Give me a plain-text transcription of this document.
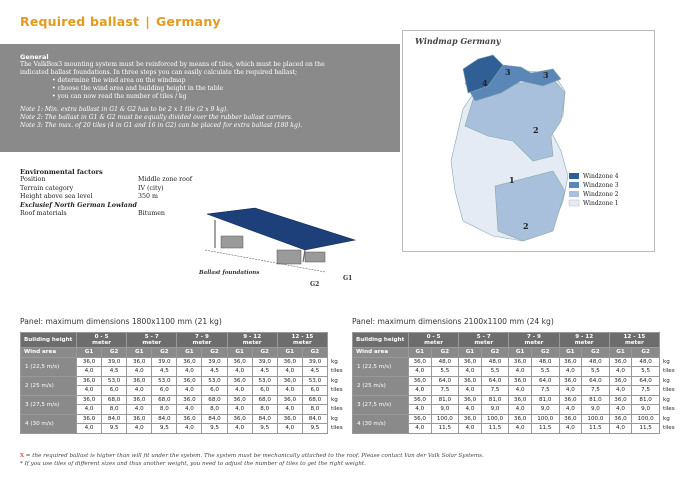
Required ballast | Germany
General
The ValkBox3 mounting system must be reinforced by means of tiles, which must be placed on the
indicated ballast foundations. In three steps you can easily calculate the required ballast;
• determine the wind area on the windmap
• choose the wind area and building height in the table
• you can now read the number of tiles / kg
Note 1: Min. extra ballast in G1 & G2 has to be 2 x 1 tile (2 x 9 kg).
Note 2: The ballast in G1 & G2 must be equally divided over the rubber ballast carriers.
Note 3: The max. of 20 tiles (4 in G1 and 16 in G2) can be placed for extra ballast (180 kg).
Windmap Germany
4
3	3
2
1
2
Windzone 4
Windzone 3
Windzone 2
Windzone 1
Environmental factors
Position	Middle zone roof
Terrain category	IV (city)
Height above sea level	350 m
Exclusief North German Lowland
Roof materials	Bitumen
Ballast foundations
G2
G1
Panel: maximum dimensions 1800x1100 mm (21 kg)	Panel: maximum dimensions 2100x1100 mm (24 kg)
Building height	0 - 5
meter		5 - 7
meter		7 - 9
meter		9 - 12
meter		12 - 15
meter		
Wind area	G1	G2	G1	G2	G1	G2	G1	G2	G1	G2	
1 (22,5 m/s)	36,0	39,0	36,0	39,0	36,0	39,0	36,0	39,0	36,0	39,0	kg
	4,0	4,5	4,0	4,5	4,0	4,5	4,0	4,5	4,0	4,5	tiles
2 (25 m/s)	36,0	53,0	36,0	53,0	36,0	53,0	36,0	53,0	36,0	53,0	kg
	4,0	6,0	4,0	6,0	4,0	6,0	4,0	6,0	4,0	6,0	tiles
3 (27,5 m/s)	36,0	68,0	36,0	68,0	36,0	68,0	36,0	68,0	36,0	68,0	kg
	4,0	8,0	4,0	8,0	4,0	8,0	4,0	8,0	4,0	8,0	tiles
4 (30 m/s)	36,0	84,0	36,0	84,0	36,0	84,0	36,0	84,0	36,0	84,0	kg
	4,0	9,5	4,0	9,5	4,0	9,5	4,0	9,5	4,0	9,5	tiles
Building height	0 - 5
meter		5 - 7
meter		7 - 9
meter		9 - 12
meter		12 - 15
meter		
Wind area	G1	G2	G1	G2	G1	G2	G1	G2	G1	G2	
1 (22,5 m/s)	36,0	48,0	36,0	48,0	36,0	48,0	36,0	48,0	36,0	48,0	kg
	4,0	5,5	4,0	5,5	4,0	5,5	4,0	5,5	4,0	5,5	tiles
2 (25 m/s)	36,0	64,0	36,0	64,0	36,0	64,0	36,0	64,0	36,0	64,0	kg
	4,0	7,5	4,0	7,5	4,0	7,5	4,0	7,5	4,0	7,5	tiles
3 (27,5 m/s)	36,0	81,0	36,0	81,0	36,0	81,0	36,0	81,0	36,0	81,0	kg
	4,0	9,0	4,0	9,0	4,0	9,0	4,0	9,0	4,0	9,0	tiles
4 (30 m/s)	36,0	100,0	36,0	100,0	36,0	100,0	36,0	100,0	36,0	100,0	kg
	4,0	11,5	4,0	11,5	4,0	11,5	4,0	11,5	4,0	11,5	tiles
X = the required ballast is higher than will fit under the system. The system must be mechanically attached to the roof. Please contact Van der Valk Solar Systems.
* If you use tiles of different sizes and thus another weight, you need to adjust the number of tiles to get the right weight.
